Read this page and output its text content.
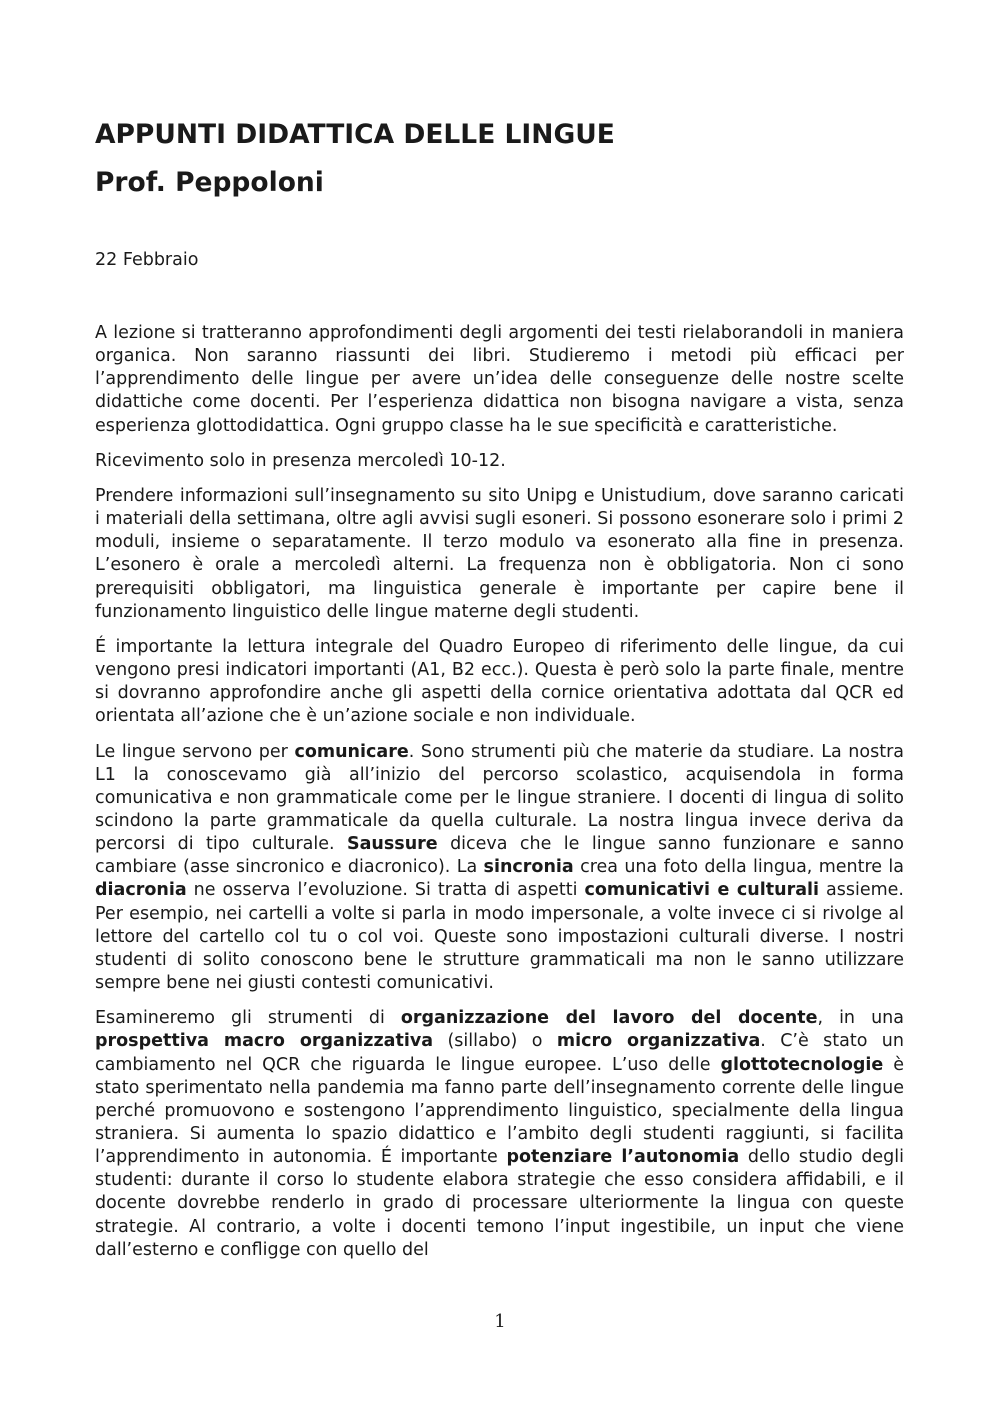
APPUNTI DIDATTICA DELLE LINGUE
Prof. Peppoloni
22 Febbraio

A lezione si tratteranno approfondimenti degli argomenti dei testi rielaborandoli in maniera organica. Non saranno riassunti dei libri. Studieremo i metodi più efficaci per l’apprendimento delle lingue per avere un’idea delle conseguenze delle nostre scelte didattiche come docenti. Per l’esperienza didattica non bisogna navigare a vista, senza esperienza glottodidattica. Ogni gruppo classe ha le sue specificità e caratteristiche.

Ricevimento solo in presenza mercoledì 10-12.

Prendere informazioni sull’insegnamento su sito Unipg e Unistudium, dove saranno caricati i materiali della settimana, oltre agli avvisi sugli esoneri. Si possono esonerare solo i primi 2 moduli, insieme o separatamente. Il terzo modulo va esonerato alla fine in presenza. L’esonero è orale a mercoledì alterni. La frequenza non è obbligatoria. Non ci sono prerequisiti obbligatori, ma linguistica generale è importante per capire bene il funzionamento linguistico delle lingue materne degli studenti.

É importante la lettura integrale del Quadro Europeo di riferimento delle lingue, da cui vengono presi indicatori importanti (A1, B2 ecc.). Questa è però solo la parte finale, mentre si dovranno approfondire anche gli aspetti della cornice orientativa adottata dal QCR ed orientata all’azione che è un’azione sociale e non individuale.

Le lingue servono per comunicare. Sono strumenti più che materie da studiare. La nostra L1 la conoscevamo già all’inizio del percorso scolastico, acquisendola in forma comunicativa e non grammaticale come per le lingue straniere. I docenti di lingua di solito scindono la parte grammaticale da quella culturale. La nostra lingua invece deriva da percorsi di tipo culturale. Saussure diceva che le lingue sanno funzionare e sanno cambiare (asse sincronico e diacronico). La sincronia crea una foto della lingua, mentre la diacronia ne osserva l’evoluzione. Si tratta di aspetti comunicativi e culturali assieme. Per esempio, nei cartelli a volte si parla in modo impersonale, a volte invece ci si rivolge al lettore del cartello col tu o col voi. Queste sono impostazioni culturali diverse. I nostri studenti di solito conoscono bene le strutture grammaticali ma non le sanno utilizzare sempre bene nei giusti contesti comunicativi.

Esamineremo gli strumenti di organizzazione del lavoro del docente, in una prospettiva macro organizzativa (sillabo) o micro organizzativa. C’è stato un cambiamento nel QCR che riguarda le lingue europee. L’uso delle glottotecnologie è stato sperimentato nella pandemia ma fanno parte dell’insegnamento corrente delle lingue perché promuovono e sostengono l’apprendimento linguistico, specialmente della lingua straniera. Si aumenta lo spazio didattico e l’ambito degli studenti raggiunti, si facilita l’apprendimento in autonomia. É importante potenziare l’autonomia dello studio degli studenti: durante il corso lo studente elabora strategie che esso considera affidabili, e il docente dovrebbe renderlo in grado di processare ulteriormente la lingua con queste strategie. Al contrario, a volte i docenti temono l’input ingestibile, un input che viene dall’esterno e confligge con quello del

1
